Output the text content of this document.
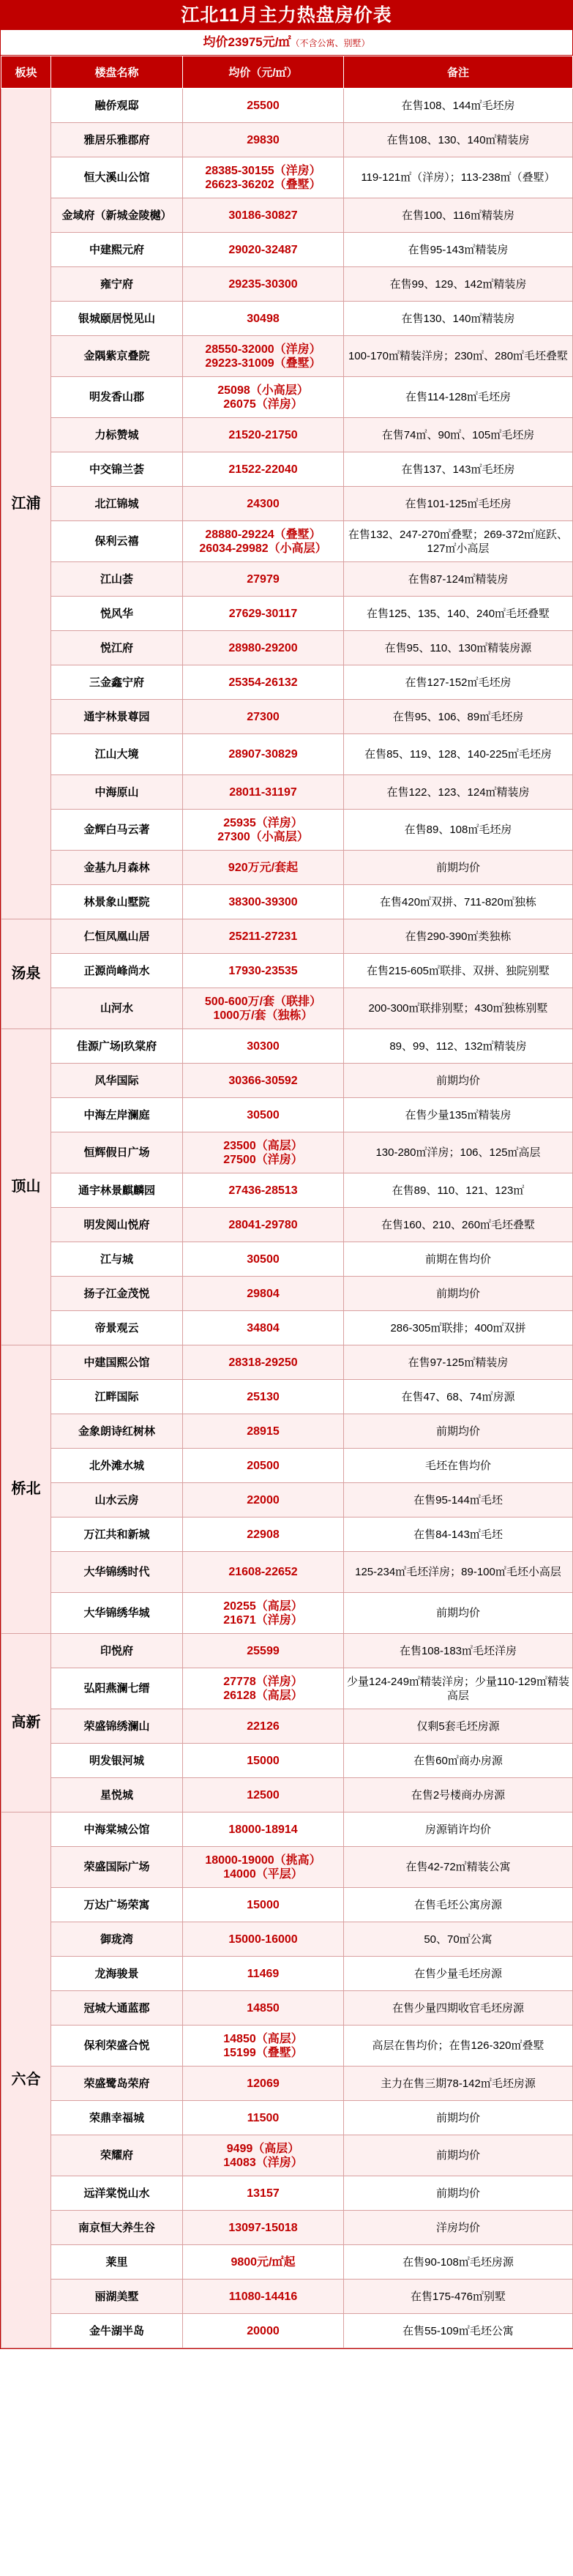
江北11月主力热盘房价表
均价23975元/㎡（不含公寓、别墅）
板块	楼盘名称	均价（元/㎡）	备注
江浦	融侨观邸	25500	在售108、144㎡毛坯房
	雅居乐雅郡府	29830	在售108、130、140㎡精装房
	恒大溪山公馆	28385-30155（洋房）
26623-36202（叠墅）	119-121㎡（洋房）；113-238㎡（叠墅）
	金域府（新城金陵樾）	30186-30827	在售100、116㎡精装房
	中建熙元府	29020-32487	在售95-143㎡精装房
	雍宁府	29235-30300	在售99、129、142㎡精装房
	银城颐居悦见山	30498	在售130、140㎡精装房
	金隅紫京叠院	28550-32000（洋房）
29223-31009（叠墅）	100-170㎡精装洋房；230㎡、280㎡毛坯叠墅
	明发香山郡	25098（小高层）
26075（洋房）	在售114-128㎡毛坯房
	力标赞城	21520-21750	在售74㎡、90㎡、105㎡毛坯房
	中交锦兰荟	21522-22040	在售137、143㎡毛坯房
	北江锦城	24300	在售101-125㎡毛坯房
	保利云禧	28880-29224（叠墅）
26034-29982（小高层）	在售132、247-270㎡叠墅；269-372㎡庭跃、127㎡小高层
	江山荟	27979	在售87-124㎡精装房
	悦风华	27629-30117	在售125、135、140、240㎡毛坯叠墅
	悦江府	28980-29200	在售95、110、130㎡精装房源
	三金鑫宁府	25354-26132	在售127-152㎡毛坯房
	通宇林景尊园	27300	在售95、106、89㎡毛坯房
	江山大境	28907-30829	在售85、119、128、140-225㎡毛坯房
	中海原山	28011-31197	在售122、123、124㎡精装房
	金辉白马云著	25935（洋房）
27300（小高层）	在售89、108㎡毛坯房
	金基九月森林	920万元/套起	前期均价
	林景象山墅院	38300-39300	在售420㎡双拼、711-820㎡独栋
汤泉	仁恒凤凰山居	25211-27231	在售290-390㎡类独栋
	正源尚峰尚水	17930-23535	在售215-605㎡联排、双拼、独院别墅
	山河水	500-600万/套（联排）
1000万/套（独栋）	200-300㎡联排别墅；430㎡独栋别墅
顶山	佳源广场|玖棠府	30300	89、99、112、132㎡精装房
	风华国际	30366-30592	前期均价
	中海左岸澜庭	30500	在售少量135㎡精装房
	恒辉假日广场	23500（高层）
27500（洋房）	130-280㎡洋房；106、125㎡高层
	通宇林景麒麟园	27436-28513	在售89、110、121、123㎡
	明发阅山悦府	28041-29780	在售160、210、260㎡毛坯叠墅
	江与城	30500	前期在售均价
	扬子江金茂悦	29804	前期均价
	帝景观云	34804	286-305㎡联排；400㎡双拼
桥北	中建国熙公馆	28318-29250	在售97-125㎡精装房
	江畔国际	25130	在售47、68、74㎡房源
	金象朗诗红树林	28915	前期均价
	北外滩水城	20500	毛坯在售均价
	山水云房	22000	在售95-144㎡毛坯
	万江共和新城	22908	在售84-143㎡毛坯
	大华锦绣时代	21608-22652	125-234㎡毛坯洋房；89-100㎡毛坯小高层
	大华锦绣华城	20255（高层）
21671（洋房）	前期均价
高新	印悦府	25599	在售108-183㎡毛坯洋房
	弘阳燕澜七缙	27778（洋房）
26128（高层）	少量124-249㎡精装洋房；少量110-129㎡精装高层
	荣盛锦绣澜山	22126	仅剩5套毛坯房源
	明发银河城	15000	在售60㎡商办房源
	星悦城	12500	在售2号楼商办房源
六合	中海棠城公馆	18000-18914	房源销许均价
	荣盛国际广场	18000-19000（挑高）
14000（平层）	在售42-72㎡精装公寓
	万达广场荣寓	15000	在售毛坯公寓房源
	御珑湾	15000-16000	50、70㎡公寓
	龙海骏景	11469	在售少量毛坯房源
	冠城大通蓝郡	14850	在售少量四期收官毛坯房源
	保利荣盛合悦	14850（高层）
15199（叠墅）	高层在售均价；在售126-320㎡叠墅
	荣盛鹭岛荣府	12069	主力在售三期78-142㎡毛坯房源
	荣鼎幸福城	11500	前期均价
	荣耀府	9499（高层）
14083（洋房）	前期均价
	远洋棠悦山水	13157	前期均价
	南京恒大养生谷	13097-15018	洋房均价
	莱里	9800元/㎡起	在售90-108㎡毛坯房源
	丽湖美墅	11080-14416	在售175-476㎡别墅
	金牛湖半岛	20000	在售55-109㎡毛坯公寓
